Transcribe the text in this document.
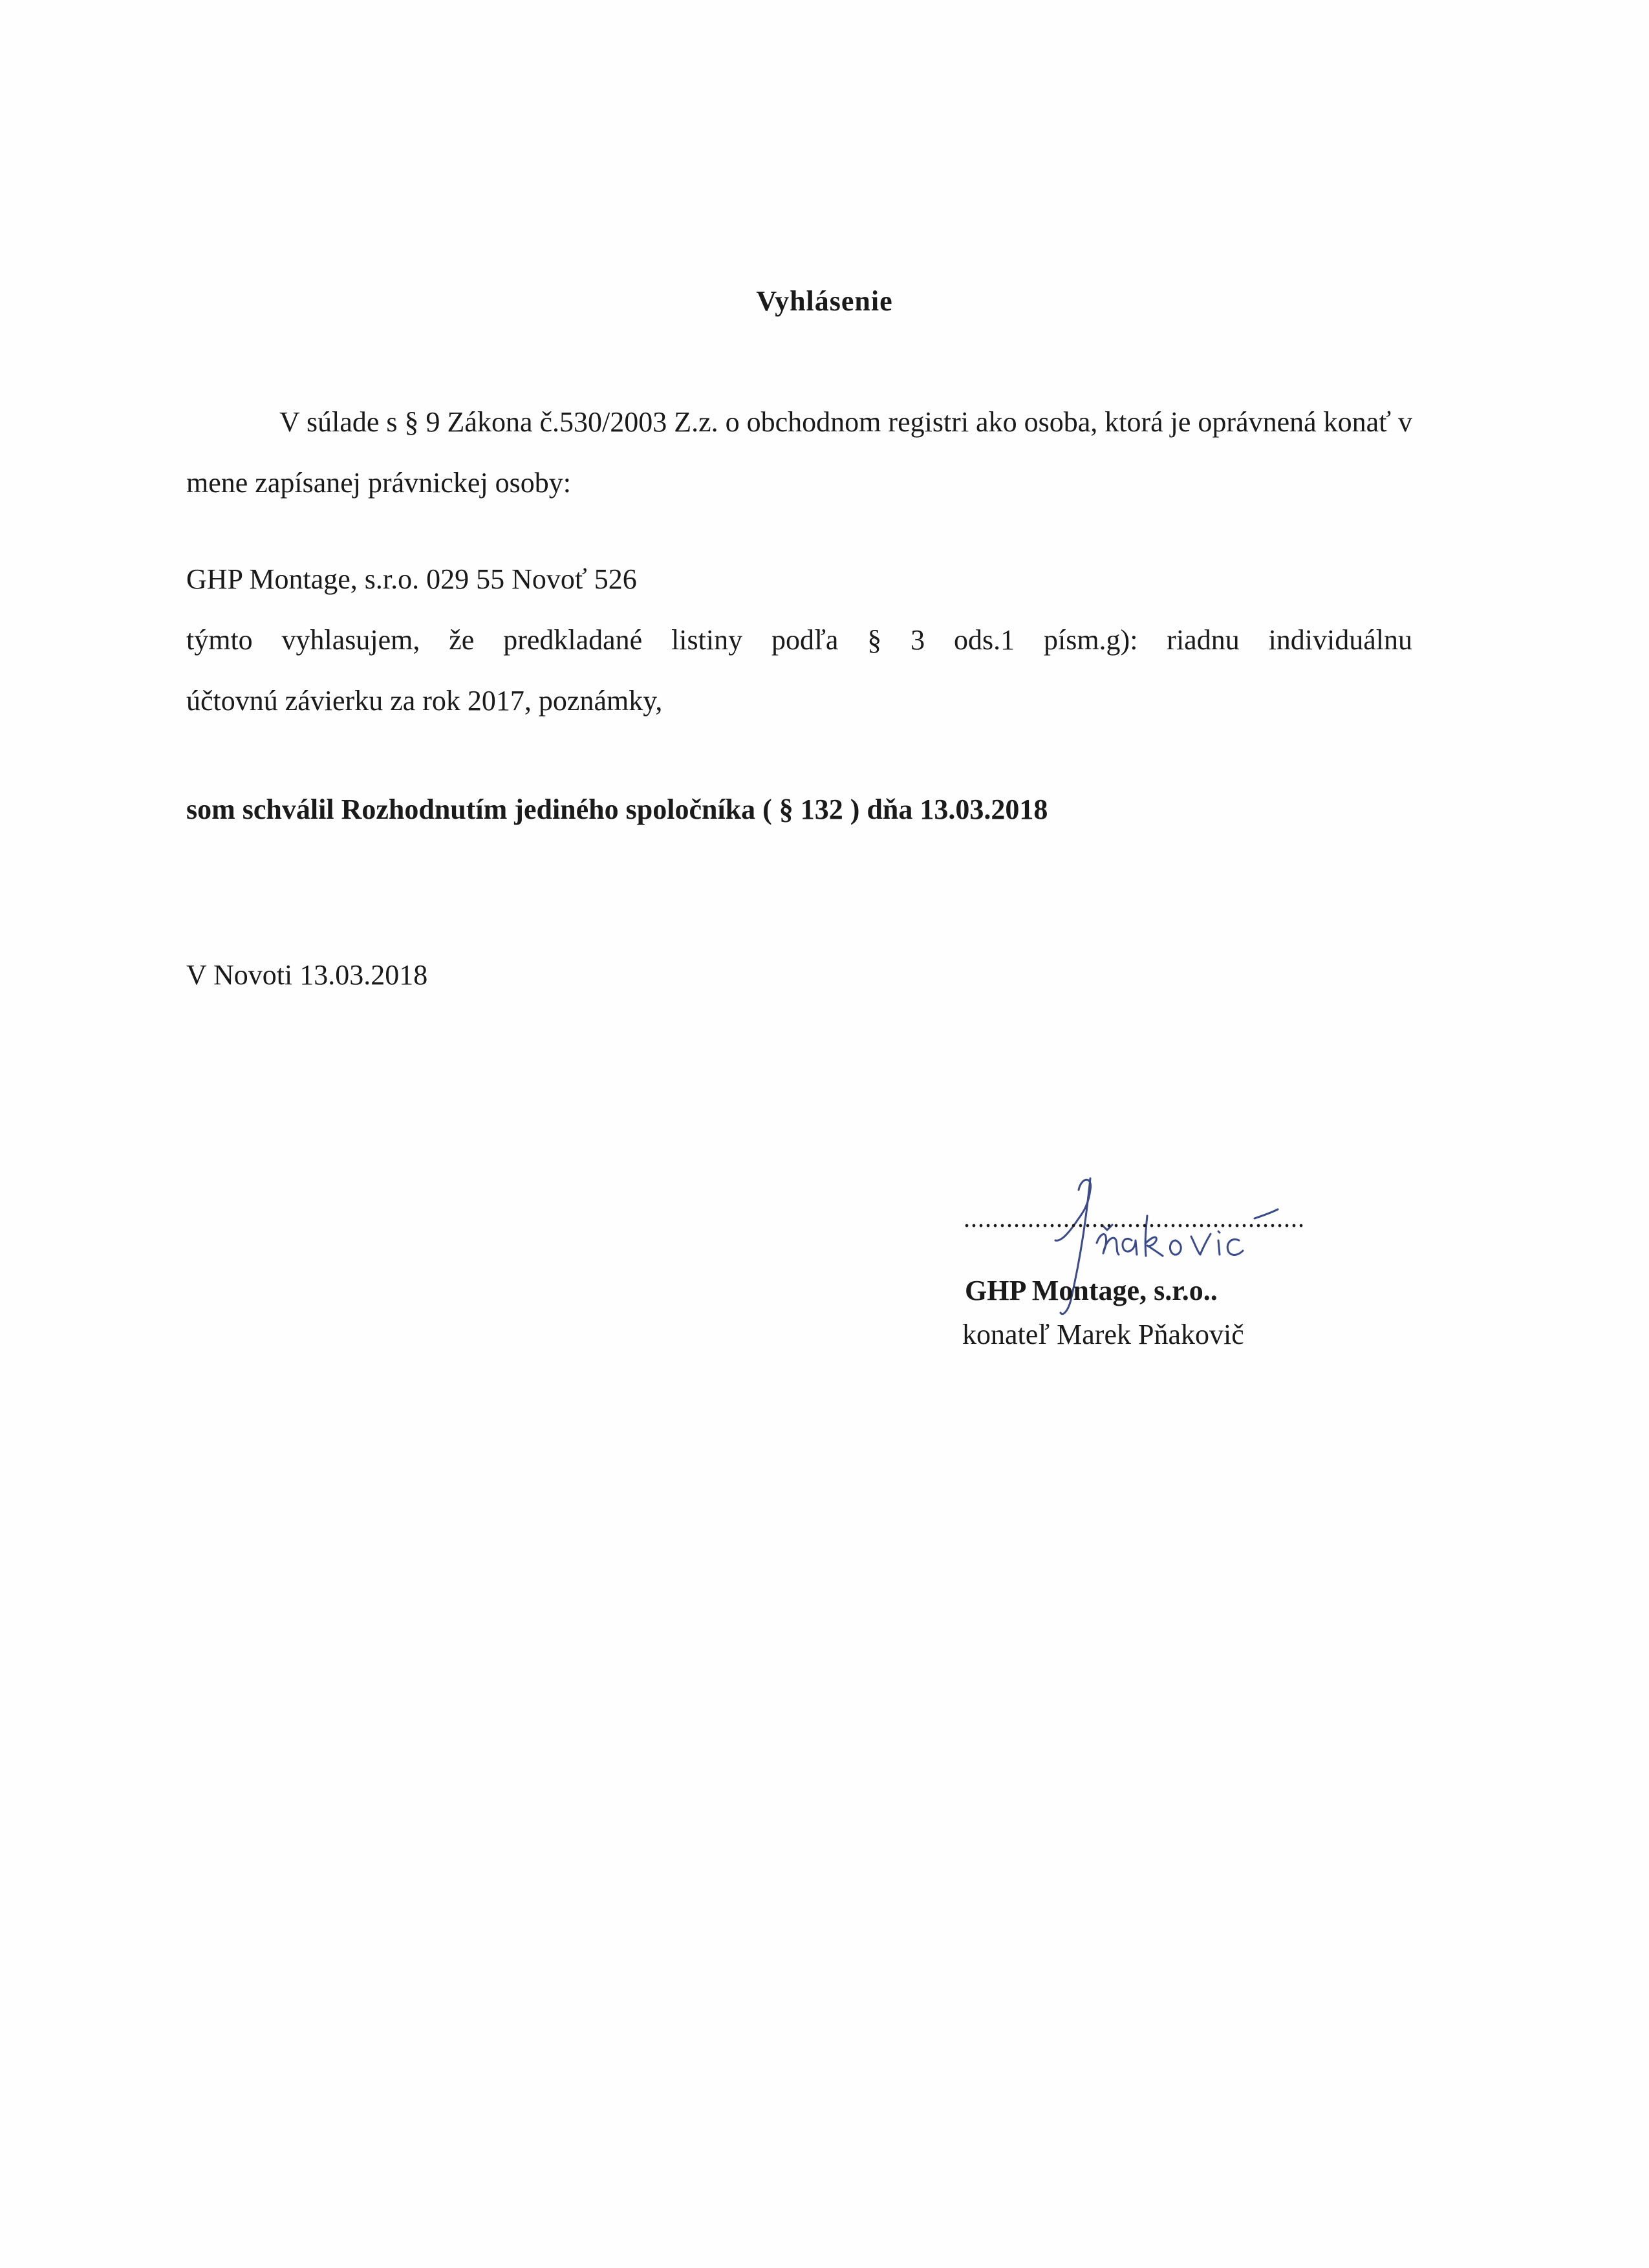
Vyhlásenie
V súlade s § 9 Zákona č.530/2003 Z.z. o obchodnom registri ako osoba, ktorá je oprávnená konať v mene zapísanej právnickej osoby:
GHP Montage, s.r.o. 029 55 Novoť 526
týmto vyhlasujem, že predkladané listiny podľa § 3 ods.1 písm.g): riadnu individuálnu
účtovnú závierku za rok 2017, poznámky,
som schválil Rozhodnutím jediného spoločníka ( § 132 ) dňa 13.03.2018
V Novoti 13.03.2018
................................................
GHP Montage, s.r.o..
konateľ Marek Pňakovič
